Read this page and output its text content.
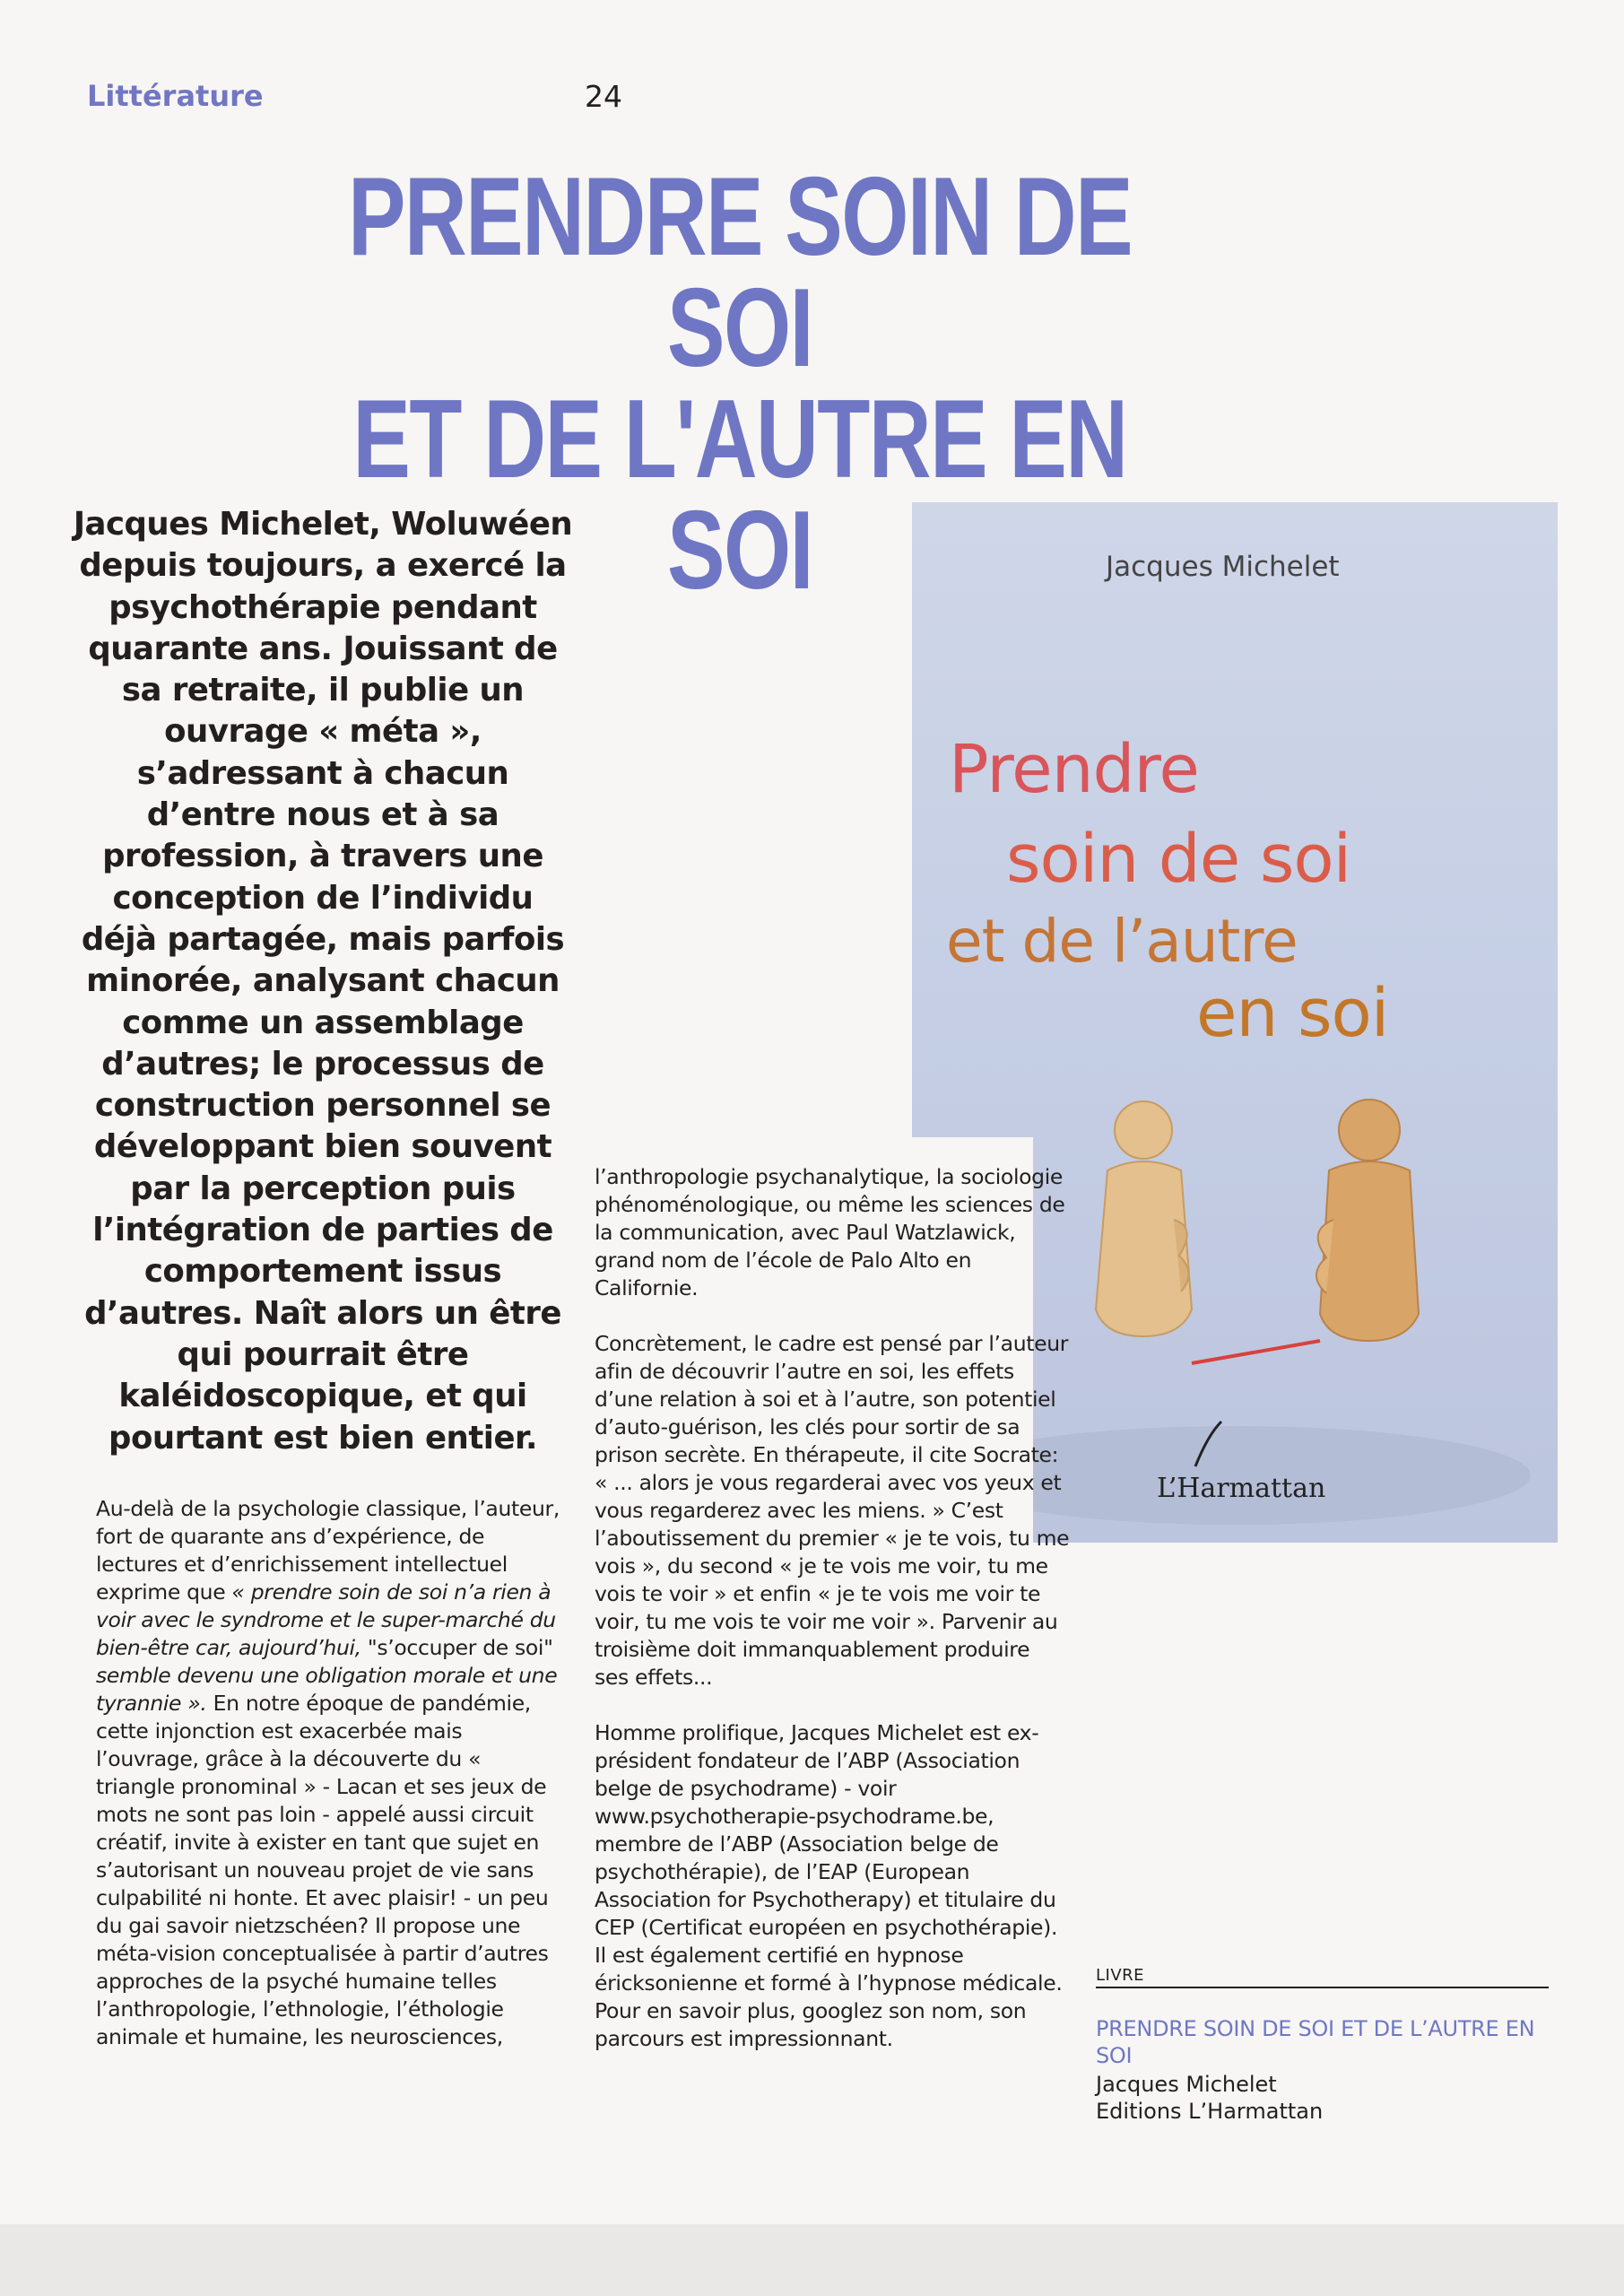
Littérature	24
PRENDRE SOIN DE SOI
ET DE L'AUTRE EN SOI
Jacques Michelet, Woluwéen depuis toujours, a exercé la psychothérapie pendant quarante ans. Jouissant de sa retraite, il publie un ouvrage « méta », s’adressant à chacun d’entre nous et à sa profession, à travers une conception de l’individu déjà partagée, mais parfois minorée, analysant chacun comme un assemblage d’autres; le processus de construction personnel se développant bien souvent par la perception puis l’intégration de parties de comportement issus d’autres. Naît alors un être qui pourrait être kaléidoscopique, et qui pourtant est bien entier.
Jacques Michelet
Prendre
soin de soi
et de l’autre
en soi
L’Harmattan

Au-delà de la psychologie classique, l’auteur, fort de quarante ans d’expérience, de lectures et d’enrichissement intellectuel exprime que « prendre soin de soi n’a rien à voir avec le syndrome et le super-marché du bien-être car, aujourd’hui, "s’occuper de soi" semble devenu une obligation morale et une tyrannie ». En notre époque de pandémie, cette injonction est exacerbée mais l’ouvrage, grâce à la découverte du « triangle pronominal » - Lacan et ses jeux de mots ne sont pas loin - appelé aussi circuit créatif, invite à exister en tant que sujet en s’autorisant un nouveau projet de vie sans culpabilité ni honte. Et avec plaisir! - un peu du gai savoir nietzschéen? Il propose une méta-vision conceptualisée à partir d’autres approches de la psyché humaine telles l’anthropologie, l’ethnologie, l’éthologie animale et humaine, les neurosciences,

l’anthropologie psychanalytique, la sociologie phénoménologique, ou même les sciences de la communication, avec Paul Watzlawick, grand nom de l’école de Palo Alto en Californie.

Concrètement, le cadre est pensé par l’auteur afin de découvrir l’autre en soi, les effets d’une relation à soi et à l’autre, son potentiel d’auto-guérison, les clés pour sortir de sa prison secrète. En thérapeute, il cite Socrate: « ... alors je vous regarderai avec vos yeux et vous regarderez avec les miens. » C’est l’aboutissement du premier « je te vois, tu me vois », du second « je te vois me voir, tu me vois te voir » et enfin « je te vois me voir te voir, tu me vois te voir me voir ». Parvenir au troisième doit immanquablement produire ses effets...

Homme prolifique, Jacques Michelet est ex-président fondateur de l’ABP (Association belge de psychodrame) - voir www.psychotherapie-psychodrame.be, membre de l’ABP (Association belge de psychothérapie), de l’EAP (European Association for Psychotherapy) et titulaire du CEP (Certificat européen en psychothérapie). Il est également certifié en hypnose éricksonienne et formé à l’hypnose médicale. Pour en savoir plus, googlez son nom, son parcours est impressionnant.

LIVRE
PRENDRE SOIN DE SOI ET DE L’AUTRE EN SOI
Jacques Michelet
Editions L’Harmattan
